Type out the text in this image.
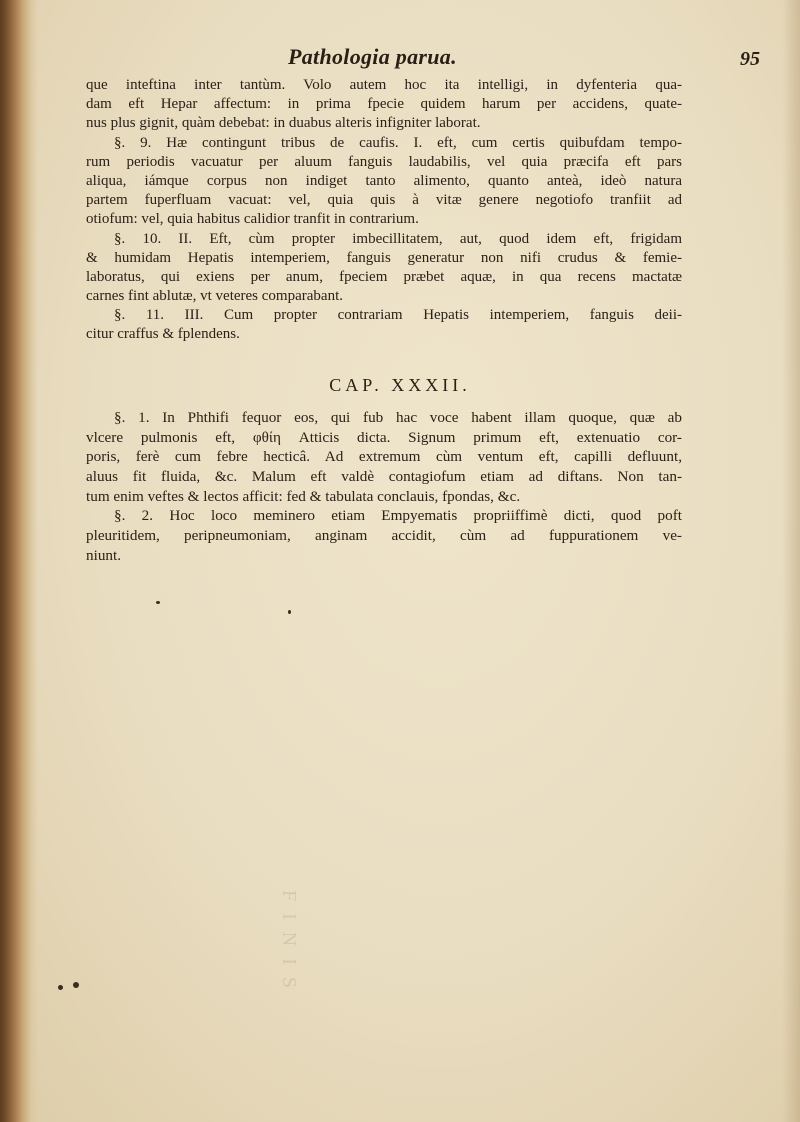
Pathologia parua.	95
que inteftina inter tantùm. Volo autem hoc ita intelligi, in dyfenteria qua-
dam eft Hepar affectum: in prima fpecie quidem harum per accidens, quate-
nus plus gignit, quàm debebat: in duabus alteris infigniter laborat.
§. 9. Hæ contingunt tribus de caufis. I. eft, cum certis quibufdam tempo-
rum periodis vacuatur per aluum fanguis laudabilis, vel quia præcifa eft pars
aliqua, iámque corpus non indiget tanto alimento, quanto anteà, ideò natura
partem fuperfluam vacuat: vel, quia quis à vitæ genere negotiofo tranfiit ad
otiofum: vel, quia habitus calidior tranfit in contrarium.
§. 10. II. Eft, cùm propter imbecillitatem, aut, quod idem eft, frigidam
& humidam Hepatis intemperiem, fanguis generatur non nifi crudus & femie-
laboratus, qui exiens per anum, fpeciem præbet aquæ, in qua recens mactatæ
carnes fint ablutæ, vt veteres comparabant.
§. 11. III. Cum propter contrariam Hepatis intemperiem, fanguis deii-
citur craffus & fplendens.
CAP. XXXII.
§. 1. In Phthifi fequor eos, qui fub hac voce habent illam quoque, quæ ab
vlcere pulmonis eft, φθίη Atticis dicta. Signum primum eft, extenuatio cor-
poris, ferè cum febre hecticâ. Ad extremum cùm ventum eft, capilli defluunt,
aluus fit fluida, &c. Malum eft valdè contagiofum etiam ad diftans. Non tan-
tum enim veftes & lectos afficit: fed & tabulata conclauis, fpondas, &c.
§. 2. Hoc loco meminero etiam Empyematis propriiffimè dicti, quod poft
pleuritidem, peripneumoniam, anginam accidit, cùm ad fuppurationem ve-
niunt.
FINIS
